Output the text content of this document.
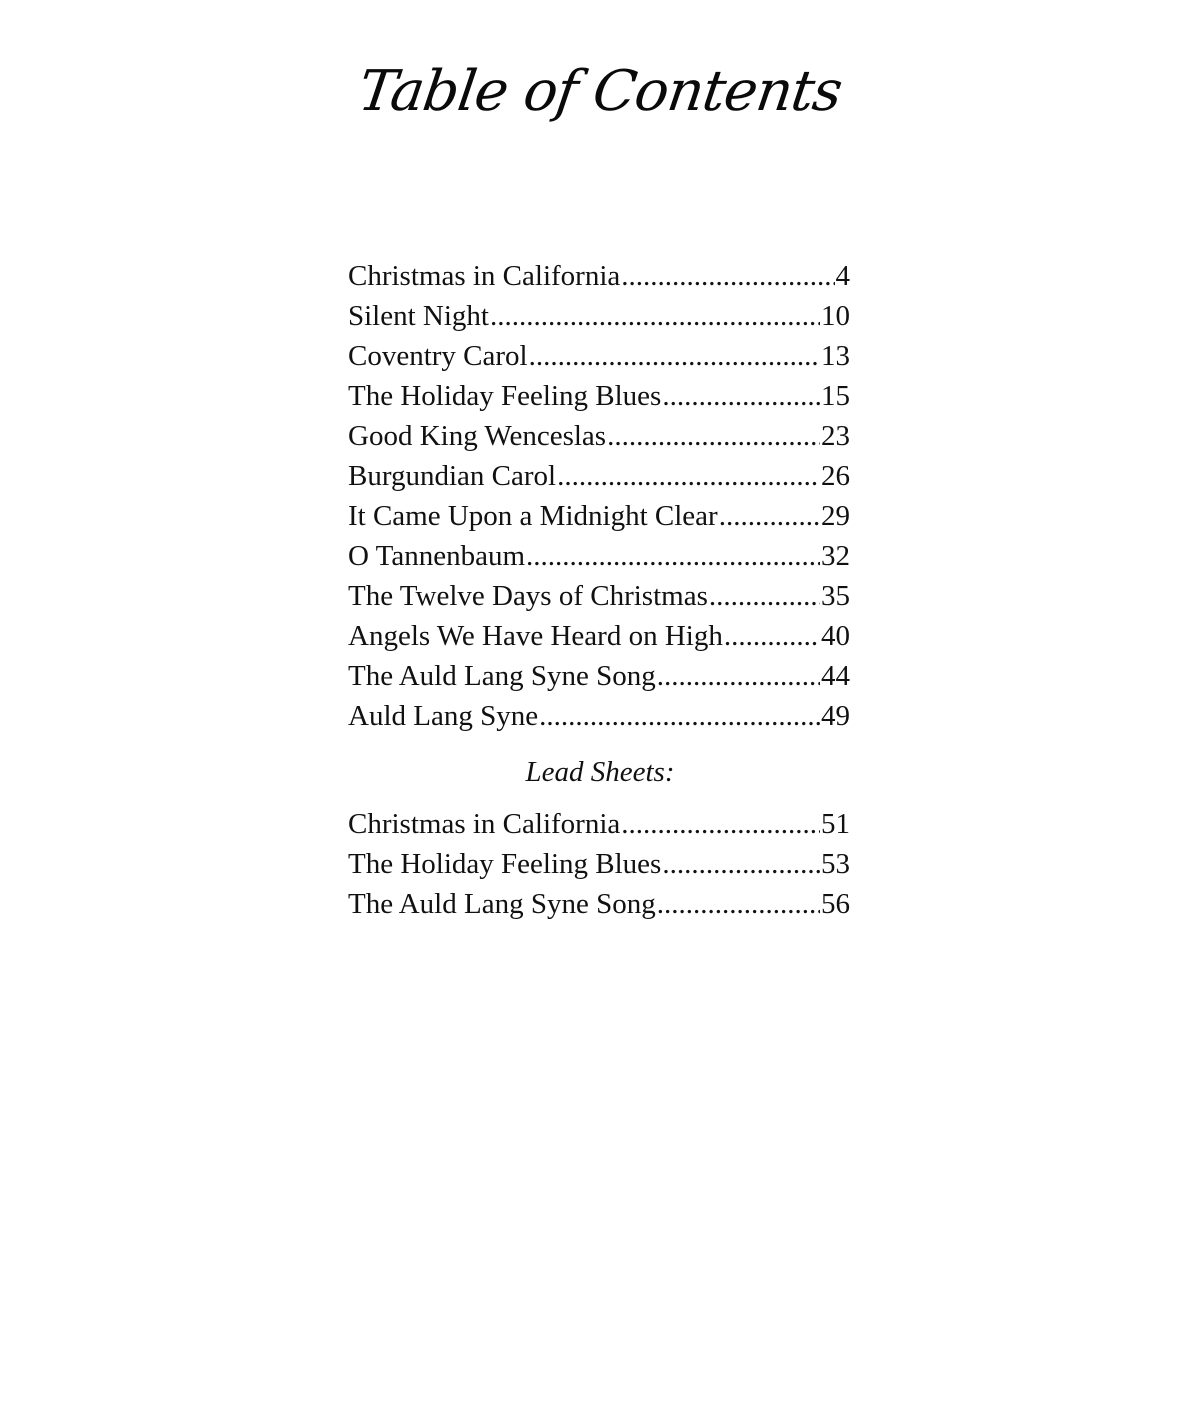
Table of Contents
Christmas in California .....	4
Silent Night .....	10
Coventry Carol .....	13
The Holiday Feeling Blues .....	15
Good King Wenceslas .....	23
Burgundian Carol .....	26
It Came Upon a Midnight Clear .....	29
O Tannenbaum .....	32
The Twelve Days of Christmas .....	35
Angels We Have Heard on High .....	40
The Auld Lang Syne Song .....	44
Auld Lang Syne .....	49
Lead Sheets:
Christmas in California .....	51
The Holiday Feeling Blues .....	53
The Auld Lang Syne Song .....	56
